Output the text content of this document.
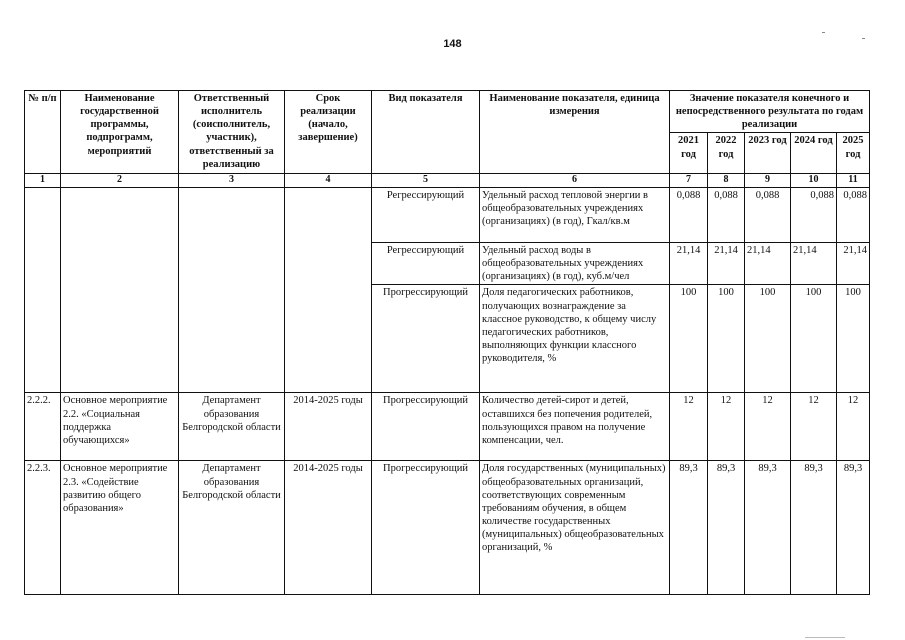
148
№ п/п	Наименование государственной программы, подпрограмм, мероприятий	Ответственный исполнитель (соисполнитель, участник), ответственный за реализацию	Срок реализации (начало, завершение)	Вид показателя	Наименование показателя, единица измерения	Значение показателя конечного и непосредственного результата по годам реализации				
						2021 год	2022 год	2023 год	2024 год	2025 год
1	2	3	4	5	6	7	8	9	10	11
				Регрессирующий	Удельный расход тепловой энергии в общеобразовательных учреждениях (организациях) (в год), Гкал/кв.м	0,088	0,088	0,088	0,088	0,088
				Регрессирующий	Удельный расход воды в общеобразовательных учреждениях (организациях) (в год), куб.м/чел	21,14	21,14	21,14	21,14	21,14
				Прогрессирующий	Доля педагогических работников, получающих вознаграждение за классное руководство, к общему числу педагогических работников, выполняющих функции классного руководителя, %	100	100	100	100	100
2.2.2.	Основное мероприятие 2.2. «Социальная поддержка обучающихся»	Департамент образования Белгородской области	2014-2025 годы	Прогрессирующий	Количество детей-сирот и детей, оставшихся без попечения родителей, пользующихся правом на получение компенсации, чел.	12	12	12	12	12
2.2.3.	Основное мероприятие 2.3. «Содействие развитию общего образования»	Департамент образования Белгородской области	2014-2025 годы	Прогрессирующий	Доля государственных (муниципальных) общеобразовательных организаций, соответствующих современным требованиям обучения, в общем количестве государственных (муниципальных) общеобразовательных организаций, %	89,3	89,3	89,3	89,3	89,3
